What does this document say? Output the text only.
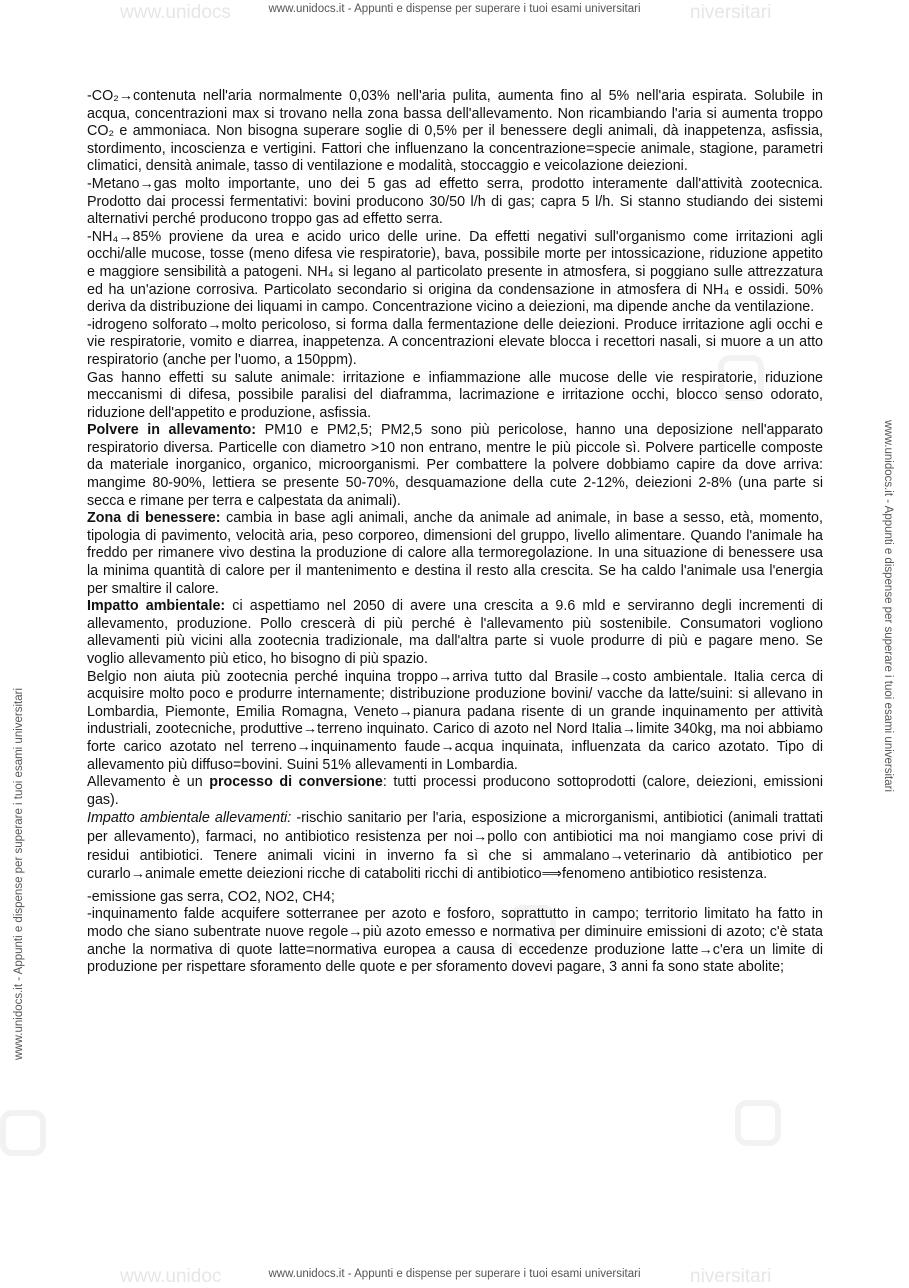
www.unidocs	niversitari
www.unidoc	niversitari
www.unidocs.it - Appunti e dispense per superare i tuoi esami universitari
www.unidocs.it - Appunti e dispense per superare i tuoi esami universitari
www.unidocs.it - Appunti e dispense per superare i tuoi esami universitari
www.unidocs.it - Appunti e dispense per superare i tuoi esami universitari

-CO₂→contenuta nell'aria normalmente 0,03% nell'aria pulita, aumenta fino al 5% nell'aria espirata. Solubile in acqua, concentrazioni max si trovano nella zona bassa dell'allevamento. Non ricambiando l'aria si aumenta troppo CO₂ e ammoniaca. Non bisogna superare soglie di 0,5% per il benessere degli animali, dà inappetenza, asfissia, stordimento, incoscienza e vertigini. Fattori che influenzano la concentrazione=specie animale, stagione, parametri climatici, densità animale, tasso di ventilazione e modalità, stoccaggio e veicolazione deiezioni.

-Metano→gas molto importante, uno dei 5 gas ad effetto serra, prodotto interamente dall'attività zootecnica. Prodotto dai processi fermentativi: bovini producono 30/50 l/h di gas; capra 5 l/h. Si stanno studiando dei sistemi alternativi perché producono troppo gas ad effetto serra.

-NH₄→85% proviene da urea e acido urico delle urine. Da effetti negativi sull'organismo come irritazioni agli occhi/alle mucose, tosse (meno difesa vie respiratorie), bava, possibile morte per intossicazione, riduzione appetito e maggiore sensibilità a patogeni. NH₄ si legano al particolato presente in atmosfera, si poggiano sulle attrezzatura ed ha un'azione corrosiva. Particolato secondario si origina da condensazione in atmosfera di NH₄ e ossidi. 50% deriva da distribuzione dei liquami in campo. Concentrazione vicino a deiezioni, ma dipende anche da ventilazione.

-idrogeno solforato→molto pericoloso, si forma dalla fermentazione delle deiezioni. Produce irritazione agli occhi e vie respiratorie, vomito e diarrea, inappetenza. A concentrazioni elevate blocca i recettori nasali, si muore a un atto respiratorio (anche per l'uomo, a 150ppm).

Gas hanno effetti su salute animale: irritazione e infiammazione alle mucose delle vie respiratorie, riduzione meccanismi di difesa, possibile paralisi del diaframma, lacrimazione e irritazione occhi, blocco senso odorato, riduzione dell'appetito e produzione, asfissia.

Polvere in allevamento: PM10 e PM2,5; PM2,5 sono più pericolose, hanno una deposizione nell'apparato respiratorio diversa. Particelle con diametro >10 non entrano, mentre le più piccole sì. Polvere particelle composte da materiale inorganico, organico, microorganismi. Per combattere la polvere dobbiamo capire da dove arriva: mangime 80-90%, lettiera se presente 50-70%, desquamazione della cute 2-12%, deiezioni 2-8% (una parte si secca e rimane per terra e calpestata da animali).

Zona di benessere: cambia in base agli animali, anche da animale ad animale, in base a sesso, età, momento, tipologia di pavimento, velocità aria, peso corporeo, dimensioni del gruppo, livello alimentare. Quando l'animale ha freddo per rimanere vivo destina la produzione di calore alla termoregolazione. In una situazione di benessere usa la minima quantità di calore per il mantenimento e destina il resto alla crescita. Se ha caldo l'animale usa l'energia per smaltire il calore.

Impatto ambientale: ci aspettiamo nel 2050 di avere una crescita a 9.6 mld e serviranno degli incrementi di allevamento, produzione. Pollo crescerà di più perché è l'allevamento più sostenibile. Consumatori vogliono allevamenti più vicini alla zootecnia tradizionale, ma dall'altra parte si vuole produrre di più e pagare meno. Se voglio allevamento più etico, ho bisogno di più spazio.

Belgio non aiuta più zootecnia perché inquina troppo→arriva tutto dal Brasile→costo ambientale. Italia cerca di acquisire molto poco e produrre internamente; distribuzione produzione bovini/ vacche da latte/suini: si allevano in Lombardia, Piemonte, Emilia Romagna, Veneto→pianura padana risente di un grande inquinamento per attività industriali, zootecniche, produttive→terreno inquinato. Carico di azoto nel Nord Italia→limite 340kg, ma noi abbiamo forte carico azotato nel terreno→inquinamento faude→acqua inquinata, influenzata da carico azotato. Tipo di allevamento più diffuso=bovini. Suini 51% allevamenti in Lombardia.

Allevamento è un processo di conversione: tutti processi producono sottoprodotti (calore, deiezioni, emissioni gas).

Impatto ambientale allevamenti: -rischio sanitario per l'aria, esposizione a microrganismi, antibiotici (animali trattati per allevamento), farmaci, no antibiotico resistenza per noi→pollo con antibiotici ma noi mangiamo cose privi di residui antibiotici. Tenere animali vicini in inverno fa sì che si ammalano→veterinario dà antibiotico per curarlo→animale emette deiezioni ricche di cataboliti ricchi di antibiotico⟹fenomeno antibiotico resistenza.

-emissione gas serra, CO2, NO2, CH4;

-inquinamento falde acquifere sotterranee per azoto e fosforo, soprattutto in campo; territorio limitato ha fatto in modo che siano subentrate nuove regole→più azoto emesso e normativa per diminuire emissioni di azoto; c'è stata anche la normativa di quote latte=normativa europea a causa di eccedenze produzione latte→c'era un limite di produzione per rispettare sforamento delle quote e per sforamento dovevi pagare, 3 anni fa sono state abolite;
